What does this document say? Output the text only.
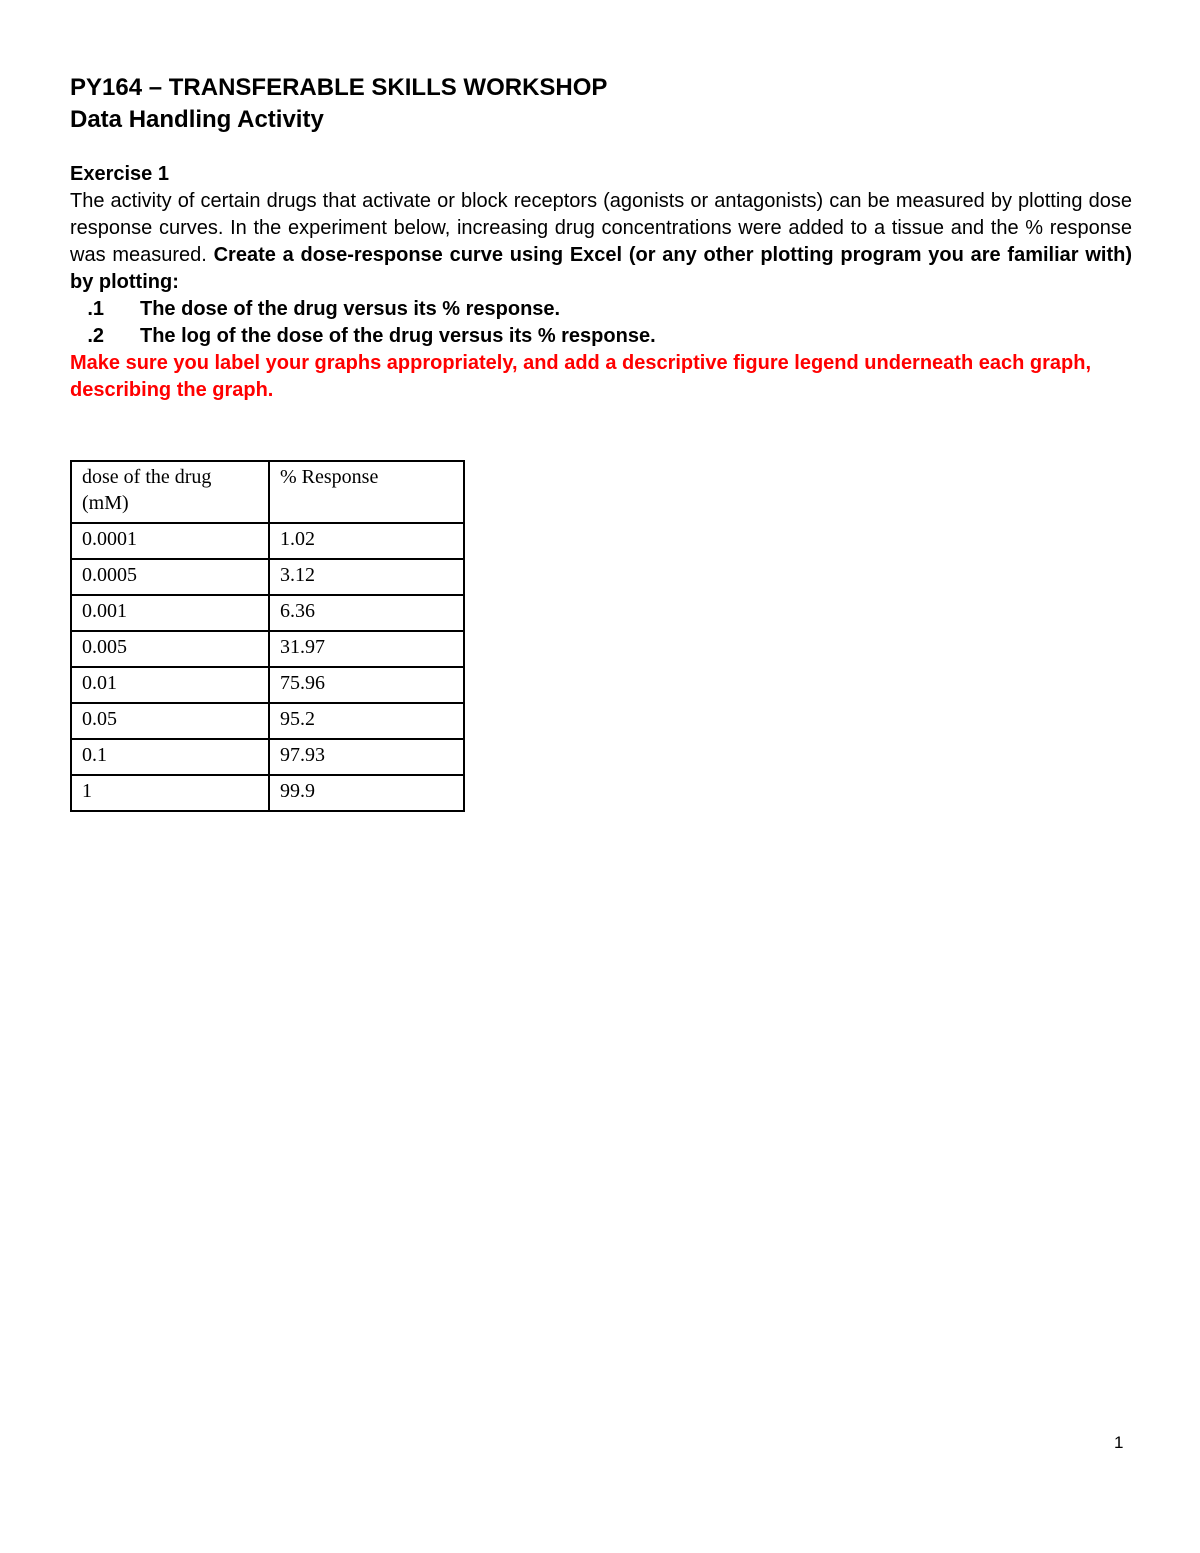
PY164 – TRANSFERABLE SKILLS WORKSHOP
Data Handling Activity
Exercise 1

The activity of certain drugs that activate or block receptors (agonists or antagonists) can be measured by plotting dose response curves. In the experiment below, increasing drug concentrations were added to a tissue and the % response was measured. Create a dose-response curve using Excel (or any other plotting program you are familiar with) by plotting:

1. The dose of the drug versus its % response.
2. The log of the dose of the drug versus its % response.

Make sure you label your graphs appropriately, and add a descriptive figure legend underneath each graph, describing the graph.

dose of the drug (mM)	% Response
0.0001	1.02
0.0005	3.12
0.001	6.36
0.005	31.97
0.01	75.96
0.05	95.2
0.1	97.93
1	99.9
1
